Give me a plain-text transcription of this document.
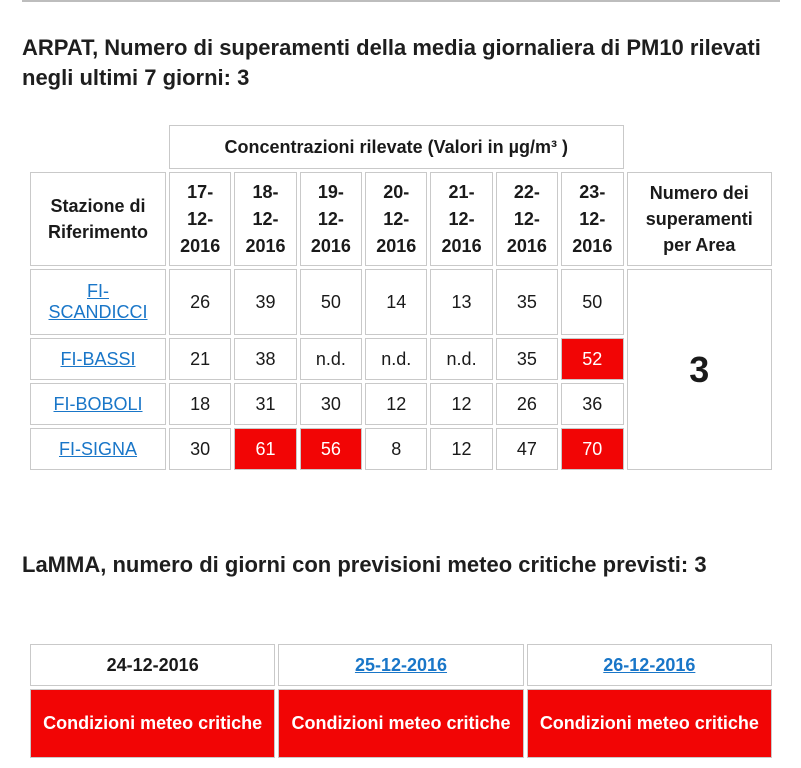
ARPAT, Numero di superamenti della media giornaliera di PM10 rilevati negli ultimi 7 giorni: 3
	Concentrazioni rilevate (Valori in µg/m³ )							
Stazione di
Riferimento	17-
12-
2016	18-
12-
2016	19-
12-
2016	20-
12-
2016	21-
12-
2016	22-
12-
2016	23-
12-
2016	Numero dei
superamenti
per Area
FI-
SCANDICCI	26	39	50	14	13	35	50	3
FI-BASSI	21	38	n.d.	n.d.	n.d.	35	52	
FI-BOBOLI	18	31	30	12	12	26	36	
FI-SIGNA	30	61	56	8	12	47	70	
LaMMA, numero di giorni con previsioni meteo critiche previsti: 3
24-12-2016	25-12-2016	26-12-2016
Condizioni meteo critiche	Condizioni meteo critiche	Condizioni meteo critiche
